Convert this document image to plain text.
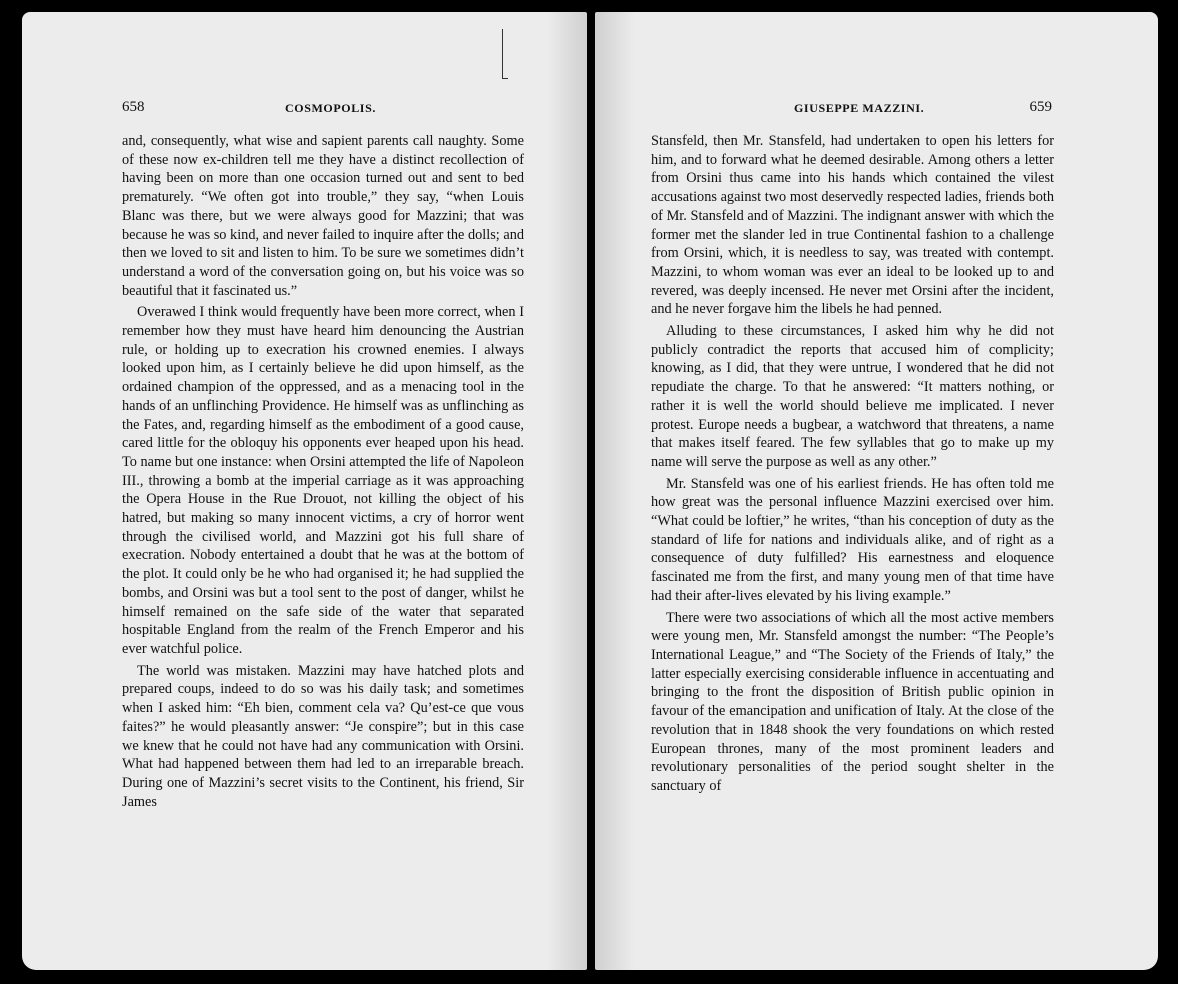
658	COSMOPOLIS.

and, consequently, what wise and sapient parents call naughty. Some of these now ex-children tell me they have a distinct recollection of having been on more than one occasion turned out and sent to bed prematurely. “We often got into trouble,” they say, “when Louis Blanc was there, but we were always good for Mazzini; that was because he was so kind, and never failed to inquire after the dolls; and then we loved to sit and listen to him. To be sure we sometimes didn’t understand a word of the conversation going on, but his voice was so beautiful that it fascinated us.”

Overawed I think would frequently have been more correct, when I remember how they must have heard him denouncing the Austrian rule, or holding up to execration his crowned enemies. I always looked upon him, as I certainly believe he did upon himself, as the ordained champion of the oppressed, and as a menacing tool in the hands of an unflinching Providence. He himself was as unflinching as the Fates, and, regarding himself as the embodiment of a good cause, cared little for the obloquy his opponents ever heaped upon his head. To name but one instance: when Orsini attempted the life of Napoleon III., throwing a bomb at the imperial carriage as it was approaching the Opera House in the Rue Drouot, not killing the object of his hatred, but making so many innocent victims, a cry of horror went through the civilised world, and Mazzini got his full share of execration. Nobody entertained a doubt that he was at the bottom of the plot. It could only be he who had organised it; he had supplied the bombs, and Orsini was but a tool sent to the post of danger, whilst he himself remained on the safe side of the water that separated hospitable England from the realm of the French Emperor and his ever watchful police.

The world was mistaken. Mazzini may have hatched plots and prepared coups, indeed to do so was his daily task; and sometimes when I asked him: “Eh bien, comment cela va? Qu’est-ce que vous faites?” he would pleasantly answer: “Je conspire”; but in this case we knew that he could not have had any communication with Orsini. What had happened between them had led to an irreparable breach. During one of Mazzini’s secret visits to the Continent, his friend, Sir James

GIUSEPPE MAZZINI.	659

Stansfeld, then Mr. Stansfeld, had undertaken to open his letters for him, and to forward what he deemed desirable. Among others a letter from Orsini thus came into his hands which contained the vilest accusations against two most deservedly respected ladies, friends both of Mr. Stansfeld and of Mazzini. The indignant answer with which the former met the slander led in true Continental fashion to a challenge from Orsini, which, it is needless to say, was treated with contempt. Mazzini, to whom woman was ever an ideal to be looked up to and revered, was deeply incensed. He never met Orsini after the incident, and he never forgave him the libels he had penned.

Alluding to these circumstances, I asked him why he did not publicly contradict the reports that accused him of complicity; knowing, as I did, that they were untrue, I wondered that he did not repudiate the charge. To that he answered: “It matters nothing, or rather it is well the world should believe me implicated. I never protest. Europe needs a bugbear, a watchword that threatens, a name that makes itself feared. The few syllables that go to make up my name will serve the purpose as well as any other.”

Mr. Stansfeld was one of his earliest friends. He has often told me how great was the personal influence Mazzini exercised over him. “What could be loftier,” he writes, “than his conception of duty as the standard of life for nations and individuals alike, and of right as a consequence of duty fulfilled? His earnestness and eloquence fascinated me from the first, and many young men of that time have had their after-lives elevated by his living example.”

There were two associations of which all the most active members were young men, Mr. Stansfeld amongst the number: “The People’s International League,” and “The Society of the Friends of Italy,” the latter especially exercising considerable influence in accentuating and bringing to the front the disposition of British public opinion in favour of the emancipation and unification of Italy. At the close of the revolution that in 1848 shook the very foundations on which rested European thrones, many of the most prominent leaders and revolutionary personalities of the period sought shelter in the sanctuary of
